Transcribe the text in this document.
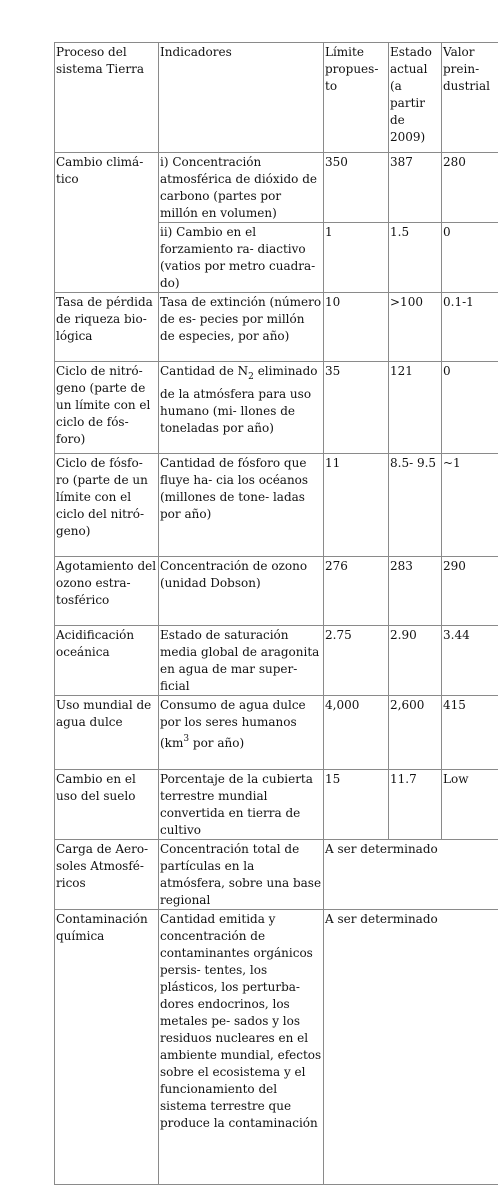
Proceso del sistema Tierra	Indicadores	Límite propues- to	Estado actual (a partir de 2009)	Valor prein- dustrial
Cambio climá- tico	i) Concentración atmosférica de dióxido de carbono (partes por millón en volumen)	350	387	280
	ii) Cambio en el forzamiento ra- diactivo (vatios por metro cuadra- do)	1	1.5	0
Tasa de pérdida de riqueza bio- lógica	Tasa de extinción (número de es- pecies por millón de especies, por año)	10	>100	0.1-1
Ciclo de nitró- geno (parte de un límite con el ciclo de fós- foro)	Cantidad de $N_2$ eliminado de la atmósfera para uso humano (mi- llones de toneladas por año)	35	121	0
Ciclo de fósfo- ro (parte de un límite con el ciclo del nitró- geno)	Cantidad de fósforo que fluye ha- cia los océanos (millones de tone- ladas por año)	11	8.5- 9.5	~1
Agotamiento del ozono estra- tosférico	Concentración de ozono (unidad Dobson)	276	283	290
Acidificación oceánica	Estado de saturación media global de aragonita en agua de mar super- ficial	2.75	2.90	3.44
Uso mundial de agua dulce	Consumo de agua dulce por los seres humanos ($km^3$ por año)	4,000	2,600	415
Cambio en el uso del suelo	Porcentaje de la cubierta terrestre mundial convertida en tierra de cultivo	15	11.7	Low
Carga de Aero- soles Atmosfé- ricos	Concentración total de partículas en la atmósfera, sobre una base regional	A ser determinado		
Contaminación química	Cantidad emitida y concentración de contaminantes orgánicos persis- tentes, los plásticos, los perturba- dores endocrinos, los metales pe- sados y los residuos nucleares en el ambiente mundial, efectos sobre el ecosistema y el funcionamiento del sistema terrestre que produce la contaminación	A ser determinado		
